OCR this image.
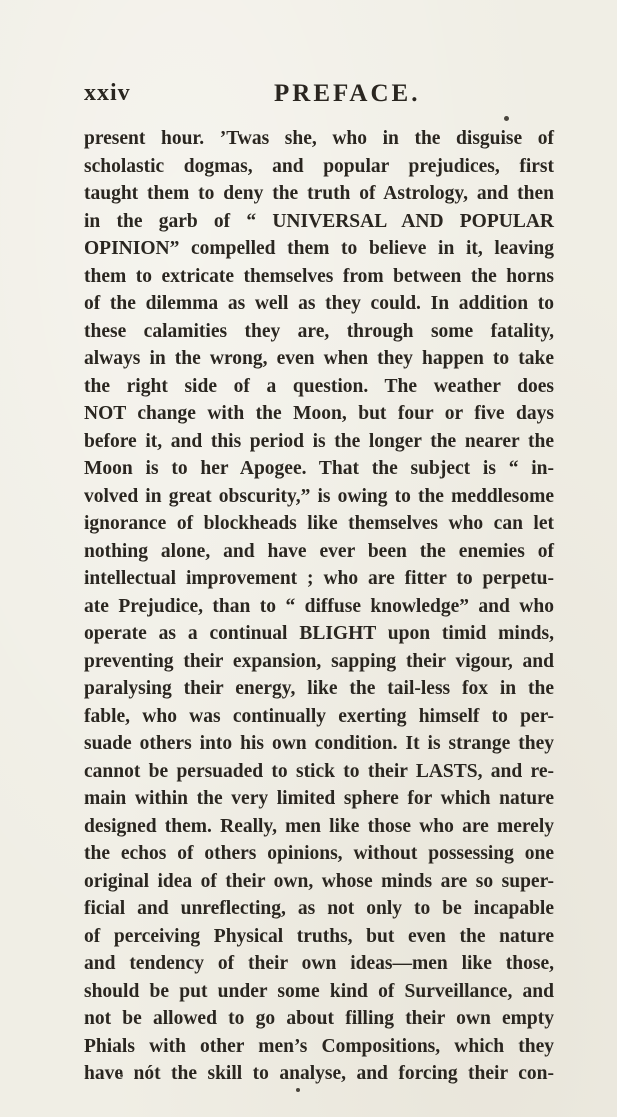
xxiv	PREFACE.
present hour. ’Twas she, who in the disguise of
scholastic dogmas, and popular prejudices, first
taught them to deny the truth of Astrology, and then
in the garb of “ UNIVERSAL AND POPULAR
OPINION” compelled them to believe in it, leaving
them to extricate themselves from between the horns
of the dilemma as well as they could. In addition to
these calamities they are, through some fatality,
always in the wrong, even when they happen to take
the right side of a question. The weather does
NOT change with the Moon, but four or five days
before it, and this period is the longer the nearer the
Moon is to her Apogee. That the subject is “ in-
volved in great obscurity,” is owing to the meddlesome
ignorance of blockheads like themselves who can let
nothing alone, and have ever been the enemies of
intellectual improvement ; who are fitter to perpetu-
ate Prejudice, than to “ diffuse knowledge” and who
operate as a continual BLIGHT upon timid minds,
preventing their expansion, sapping their vigour, and
paralysing their energy, like the tail-less fox in the
fable, who was continually exerting himself to per-
suade others into his own condition. It is strange they
cannot be persuaded to stick to their LASTS, and re-
main within the very limited sphere for which nature
designed them. Really, men like those who are merely
the echos of others opinions, without possessing one
original idea of their own, whose minds are so super-
ficial and unreflecting, as not only to be incapable
of perceiving Physical truths, but even the nature
and tendency of their own ideas—men like those,
should be put under some kind of Surveillance, and
not be allowed to go about filling their own empty
Phials with other men’s Compositions, which they
have nót the skill to analyse, and forcing their con-
